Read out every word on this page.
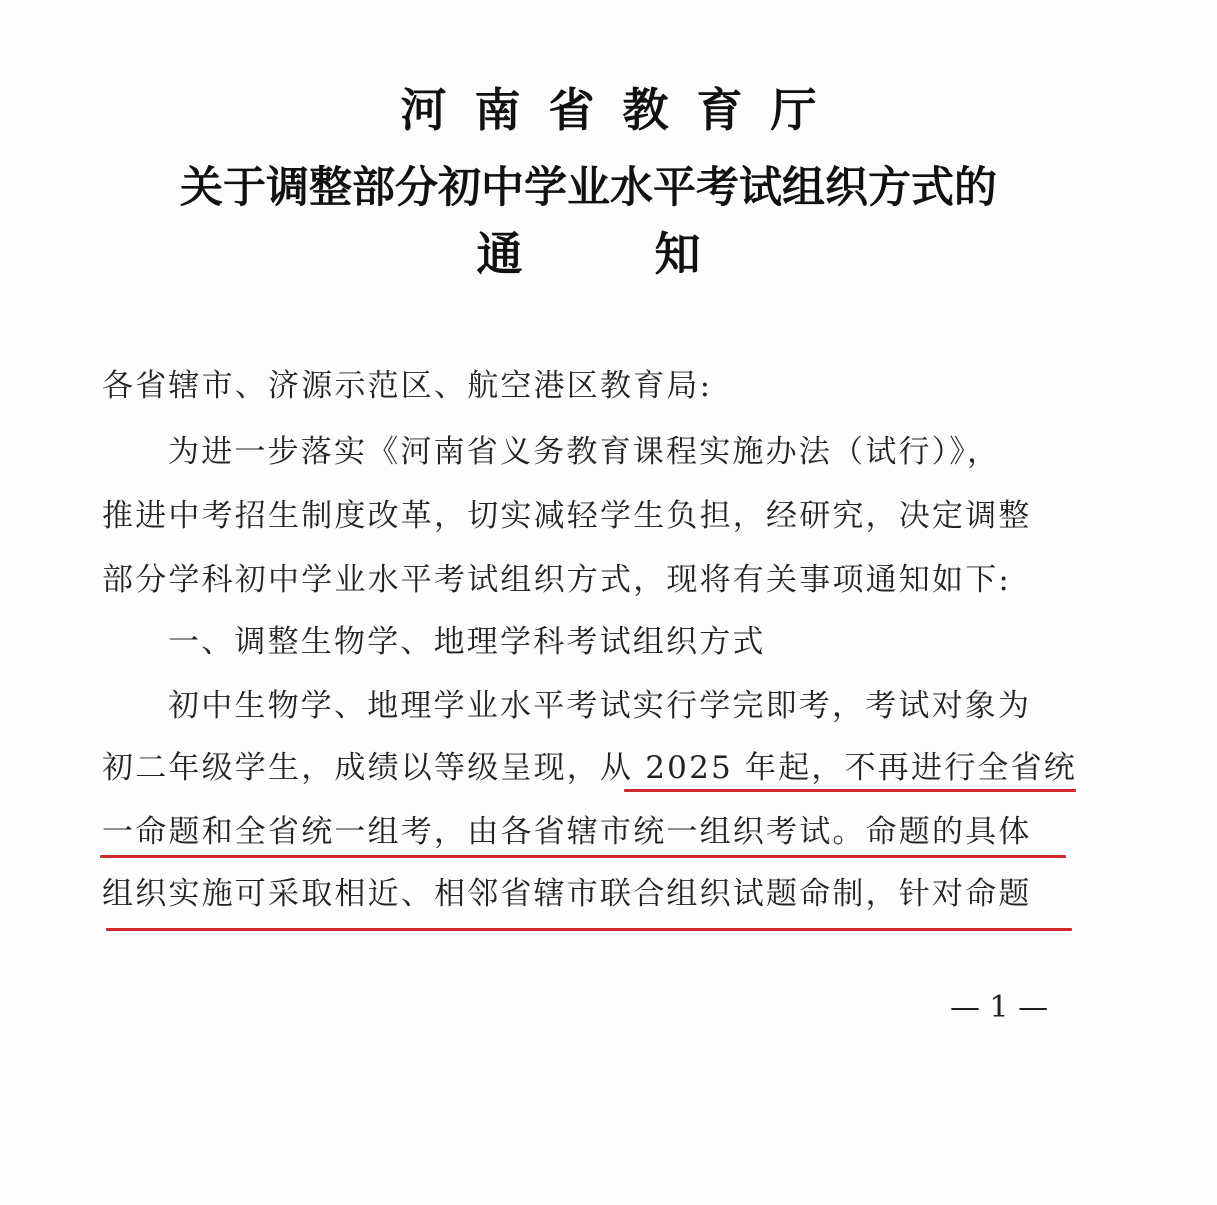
河南省教育厅
关于调整部分初中学业水平考试组织方式的
通	知
各省辖市、济源示范区、航空港区教育局:
为进一步落实《河南省义务教育课程实施办法（试行）》，
推进中考招生制度改革，切实减轻学生负担，经研究，决定调整
部分学科初中学业水平考试组织方式，现将有关事项通知如下:
一、调整生物学、地理学科考试组织方式
初中生物学、地理学业水平考试实行学完即考，考试对象为
初二年级学生，成绩以等级呈现，从 2025 年起，不再进行全省统
一命题和全省统一组考，由各省辖市统一组织考试。命题的具体
组织实施可采取相近、相邻省辖市联合组织试题命制，针对命题
— 1 —
